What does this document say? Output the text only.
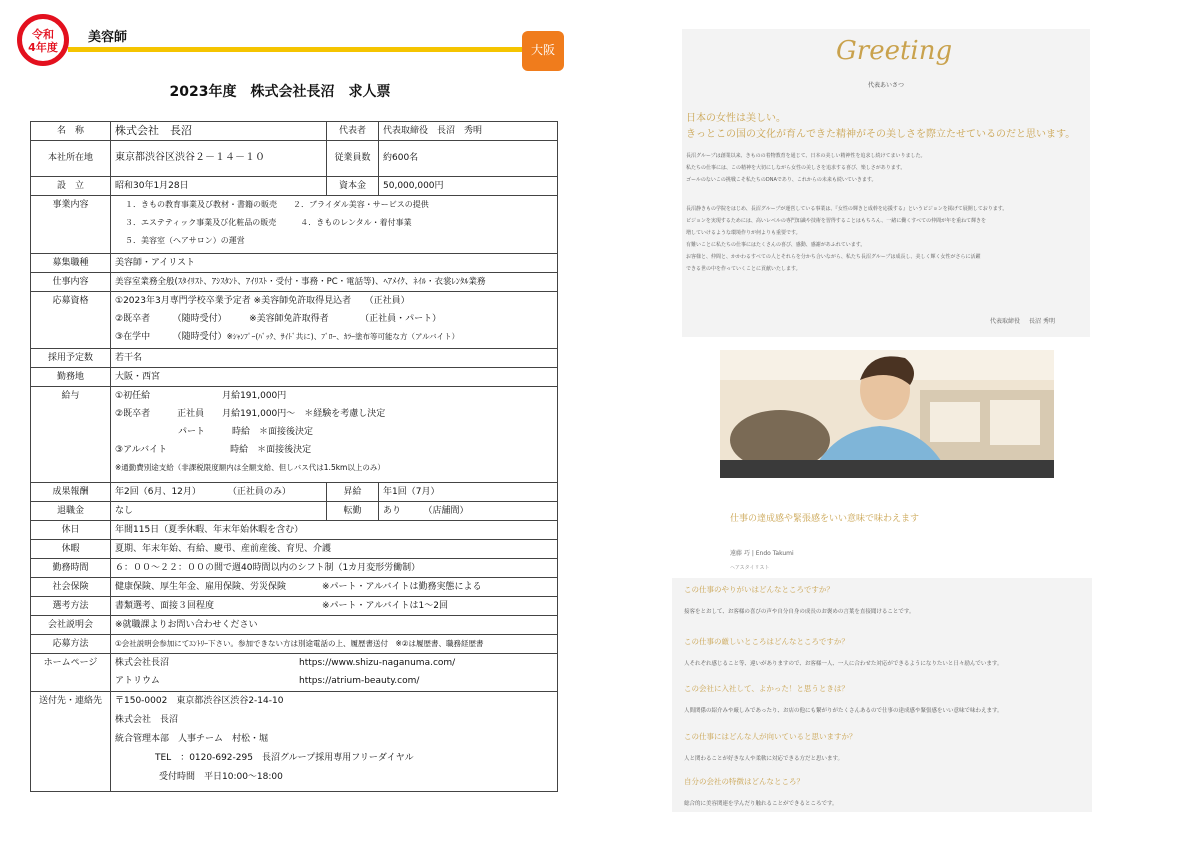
令和
4年度
美容師
大阪
2023年度　株式会社長沼　求人票
名　称	株式会社　長沼	代表者	代表取締役　長沼　秀明
本社所在地	東京都渋谷区渋谷２－１４－１０	従業員数	約600名
設　立	昭和30年1月28日	資本金	50,000,000円
事業内容	１．きもの教育事業及び教材・書籍の販売　　 ２．ブライダル美容・サービスの提供
３．エステティック事業及び化粧品の販売　　　 ４．きものレンタル・着付事業
５．美容室（ヘアサロン）の運営		

募集職種	美容師・アイリスト		
仕事内容	美容室業務全般(ｽﾀｲﾘｽﾄ、ｱｼｽﾀﾝﾄ、ｱｲﾘｽﾄ・受付・事務・PC・電話等)、ﾍｱﾒｲｸ、ﾈｲﾙ・衣裳ﾚﾝﾀﾙ業務		
応募資格	①2023年3月専門学校卒業予定者 ※美容師免許取得見込者　　（正社員）
②既卒者　　　（随時受付）　　　※美容師免許取得者　　　　（正社員・パート）
③在学中　　　（随時受付）※ｼｬﾝﾌﾟｰ(ﾊﾞｯｸ、ｻｲﾄﾞ共に)、ﾌﾞﾛｰ、ｶﾗｰ塗布等可能な方（アルバイト）		

採用予定数	若干名		
勤務地	大阪・西宮		
給与	①初任給　　　　　　　　月給191,000円
②既卒者　　　正社員　　月給191,000円～　＊経験を考慮し決定
　　　　　　　パート　　　時給　＊面接後決定
③アルバイト　　　　　　　時給　＊面接後決定
※通勤費別途支給（非課税限度額内は全額支給、但しバス代は1.5km以上のみ）		

成果報酬	年2回（6月、12月）　　　　（正社員のみ）	昇給	年1回（7月）
退職金	なし	転勤	あり　　　（店舗間）
休日	年間115日（夏季休暇、年末年始休暇を含む）		
休暇	夏期、年末年始、有給、慶弔、産前産後、育児、介護		
勤務時間	６：００～２２：００の間で週40時間以内のシフト制（1カ月変形労働制）		
社会保険	健康保険、厚生年金、雇用保険、労災保険　　　　※パート・アルバイトは勤務実態による		
選考方法	書類選考、面接３回程度　　　　　　　　　　　　※パート・アルバイトは1～2回		
会社説明会	※就職課よりお問い合わせください		
応募方法	①会社説明会参加にてｴﾝﾄﾘｰ下さい。参加できない方は別途電話の上、履歴書送付　※②は履歴書、職務経歴書		
ホームページ	株式会社長沼 https://www.shizu-naganuma.com/
アトリウム https://atrium-beauty.com/		

送付先・連絡先	〒150-0002　東京都渋谷区渋谷2-14-10
株式会社　長沼
統合管理本部　人事チーム　村松・堀
TEL　：0120-692-295　長沼グループ採用専用フリーダイヤル
受付時間　平日10:00～18:00		
Greeting
代表あいさつ
日本の女性は美しい。
きっとこの国の文化が育んできた精神がその美しさを際立たせているのだと思います。
長沼グループは創業以来、きものの着物教育を通じて、日本の美しい精神性を追求し続けてまいりました。
私たちの仕事には、この精神を大切にしながら女性の美しさを追求する喜び、楽しさがあります。
ゴールのないこの挑戦こそ私たちのDNAであり、これからの未来も続いていきます。
長沼静きもの学院をはじめ、長沼グループが運営している事業は、『女性の輝きと成幹を応援する』というビジョンを掲げて展開しております。
ビジョンを実現するためには、高いレベルの専門知識や技術を習得することはもちろん、一緒に働くすべての仲間が年を重ねて輝きを
増していけるような環境作りが何よりも重要です。
有難いことに私たちの仕事にはたくさんの喜び、感動、感謝があふれています。
お客様と、仲間と、かかわるすべての人とそれらを分かち合いながら、私たち長沼グループは成長し、美しく輝く女性がさらに活躍
できる世の中を作っていくことに貢献いたします。
代表取締役　 長沼 秀明
仕事の達成感や緊張感をいい意味で味わえます
遠藤 巧 | Endo Takumi
ヘアスタイリスト
この仕事のやりがいはどんなところですか？
接客をとおして、お客様の喜びの声や自分自身の成長のお褒めの言葉を直接聞けることです。
この仕事の厳しいところはどんなところですか？
人それぞれ感じること等、違いがありますので、お客様一人、一人に合わせた対応ができるようになりたいと日々励んでいます。
この会社に入社して、よかった！と思うときは？
人間関係の紹介みや厳しみであったり、お店の他にも繋がりがたくさんあるので仕事の達成感や緊張感をいい意味で味わえます。
この仕事にはどんな人が向いていると思いますか？
人と関わることが好きな人や柔軟に対応できる方だと思います。
自分の会社の特徴はどんなところ？
総合的に美容関連を学んだり触れることができるところです。
